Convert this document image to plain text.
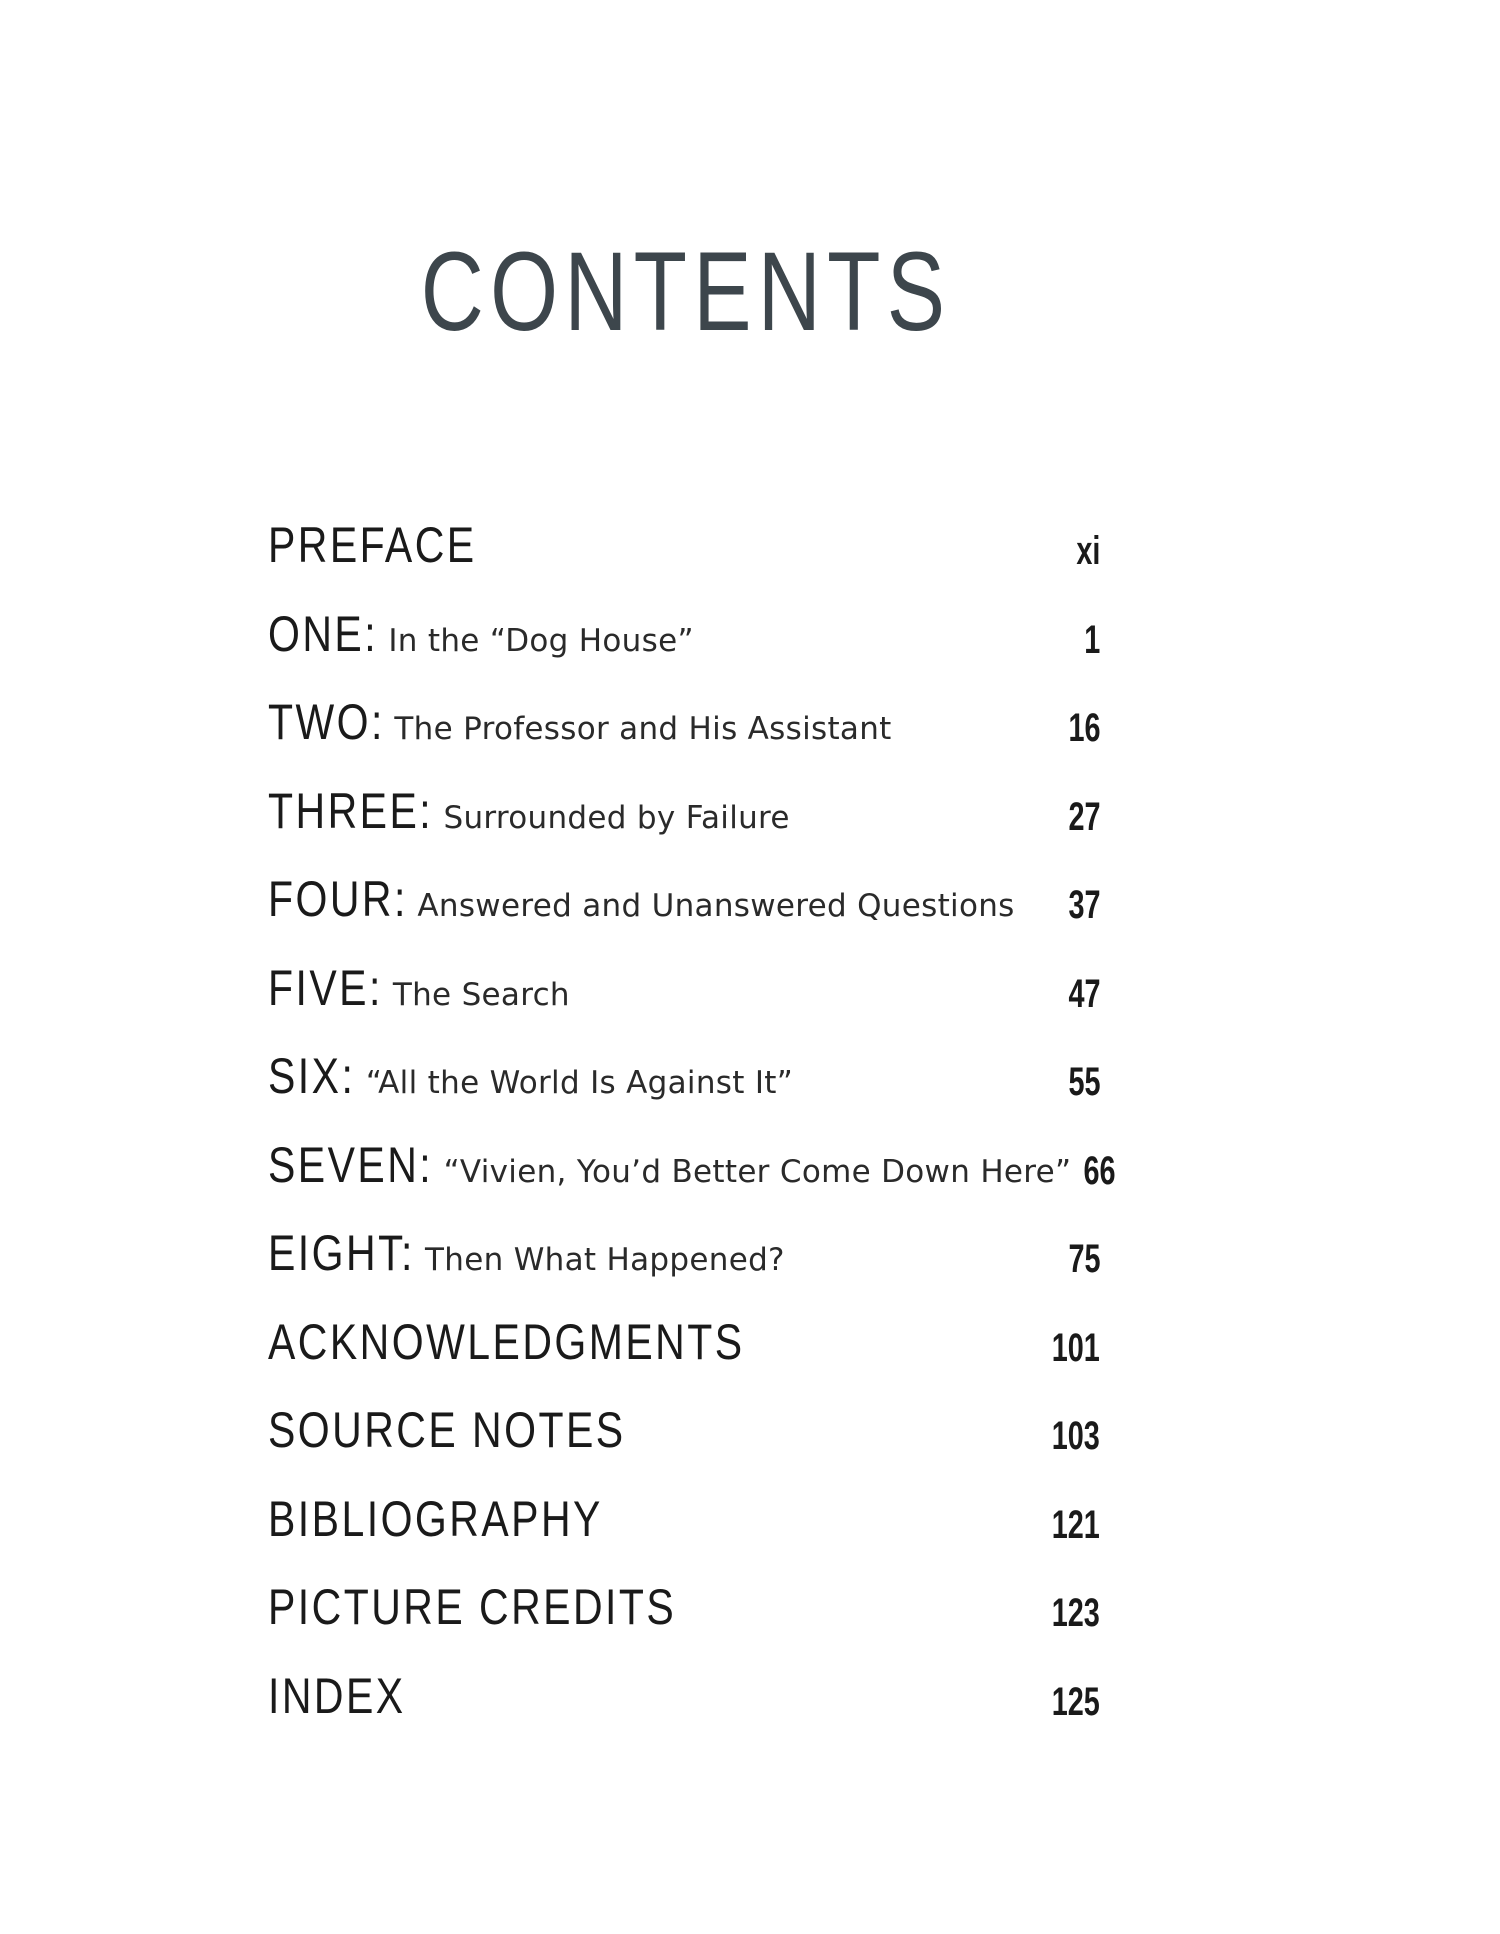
CONTENTS
PREFACE	xi
ONE: In the “Dog House”	1
TWO: The Professor and His Assistant	16
THREE: Surrounded by Failure	27
FOUR: Answered and Unanswered Questions 37
FIVE: The Search	47
SIX: “All the World Is Against It”	55
SEVEN: “Vivien, You’d Better Come Down Here” 66
EIGHT: Then What Happened?	75
ACKNOWLEDGMENTS	101
SOURCE NOTES	103
BIBLIOGRAPHY	121
PICTURE CREDITS	123
INDEX	125
